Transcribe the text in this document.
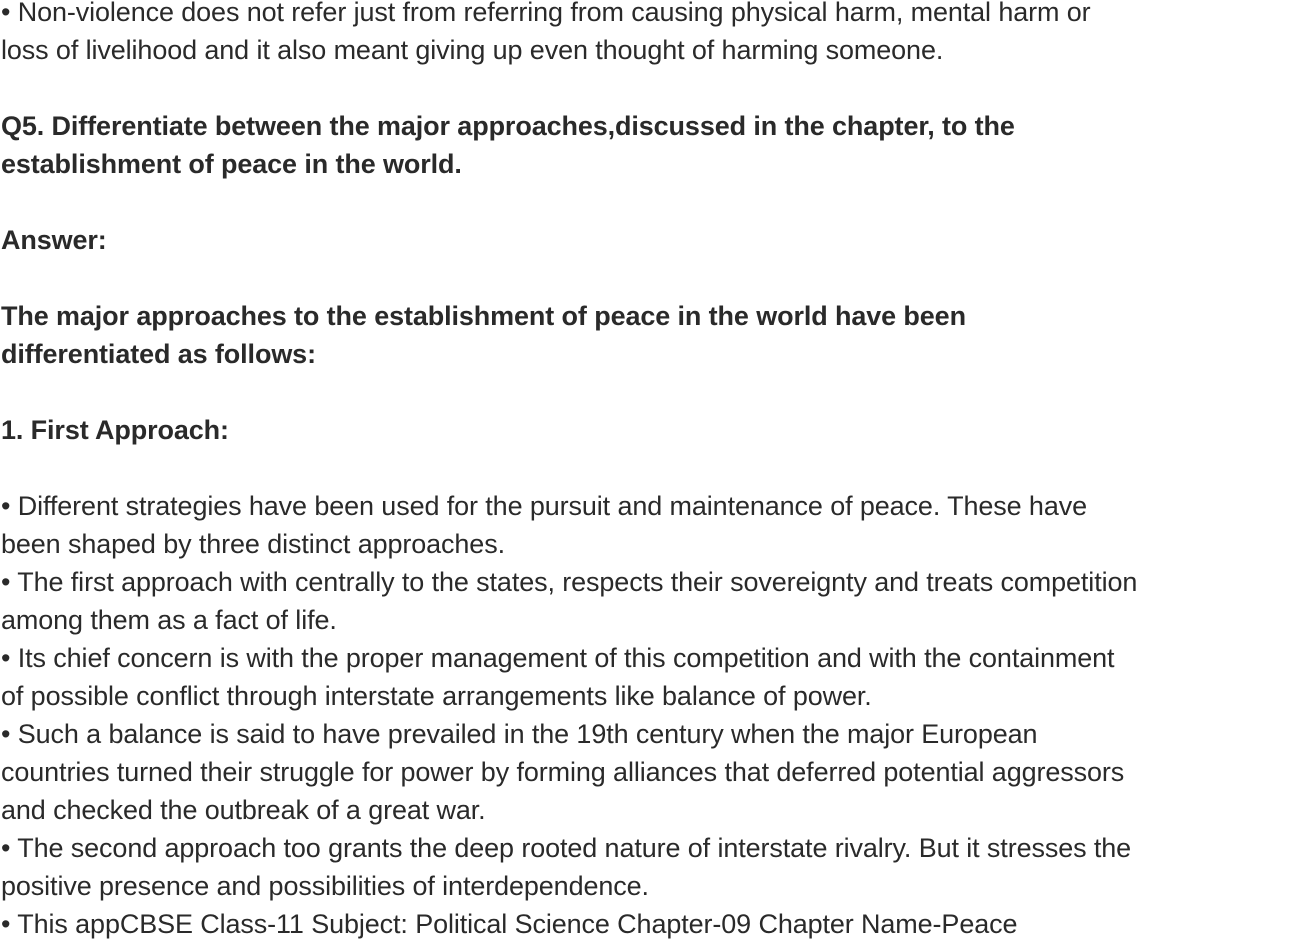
• Non-violence does not refer just from referring from causing physical harm, mental harm or
loss of livelihood and it also meant giving up even thought of harming someone.
Q5. Differentiate between the major approaches,discussed in the chapter, to the
establishment of peace in the world.
Answer:
The major approaches to the establishment of peace in the world have been
differentiated as follows:
1. First Approach:
• Different strategies have been used for the pursuit and maintenance of peace. These have
been shaped by three distinct approaches.
• The first approach with centrally to the states, respects their sovereignty and treats competition
among them as a fact of life.
• Its chief concern is with the proper management of this competition and with the containment
of possible conflict through interstate arrangements like balance of power.
• Such a balance is said to have prevailed in the 19th century when the major European
countries turned their struggle for power by forming alliances that deferred potential aggressors
and checked the outbreak of a great war.
• The second approach too grants the deep rooted nature of interstate rivalry. But it stresses the
positive presence and possibilities of interdependence.
• This appCBSE Class-11 Subject: Political Science Chapter-09 Chapter Name-Peace
